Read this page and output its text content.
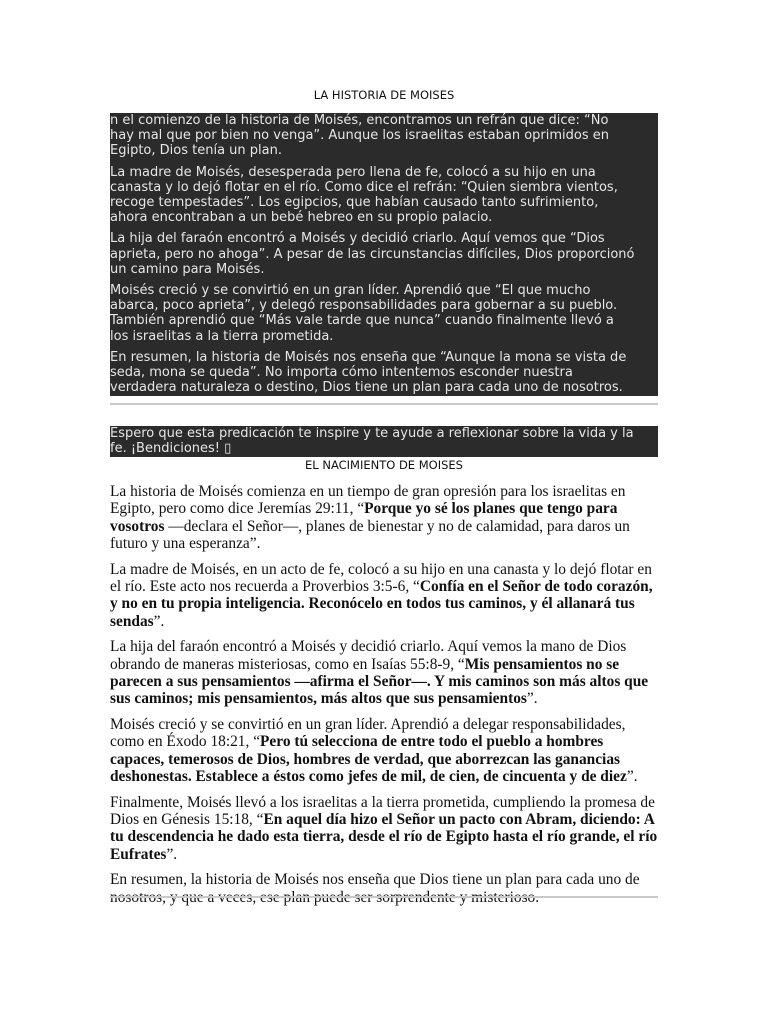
LA HISTORIA DE MOISES

n el comienzo de la historia de Moisés, encontramos un refrán que dice: “No
hay mal que por bien no venga”. Aunque los israelitas estaban oprimidos en
Egipto, Dios tenía un plan.

La madre de Moisés, desesperada pero llena de fe, colocó a su hijo en una
canasta y lo dejó flotar en el río. Como dice el refrán: “Quien siembra vientos,
recoge tempestades”. Los egipcios, que habían causado tanto sufrimiento,
ahora encontraban a un bebé hebreo en su propio palacio.

La hija del faraón encontró a Moisés y decidió criarlo. Aquí vemos que “Dios
aprieta, pero no ahoga”. A pesar de las circunstancias difíciles, Dios proporcionó
un camino para Moisés.

Moisés creció y se convirtió en un gran líder. Aprendió que “El que mucho
abarca, poco aprieta”, y delegó responsabilidades para gobernar a su pueblo.
También aprendió que “Más vale tarde que nunca” cuando finalmente llevó a
los israelitas a la tierra prometida.

En resumen, la historia de Moisés nos enseña que “Aunque la mona se vista de
seda, mona se queda”. No importa cómo intentemos esconder nuestra
verdadera naturaleza o destino, Dios tiene un plan para cada uno de nosotros.

Espero que esta predicación te inspire y te ayude a reflexionar sobre la vida y la
fe. ¡Bendiciones! ▯

EL NACIMIENTO DE MOISES

La historia de Moisés comienza en un tiempo de gran opresión para los israelitas en Egipto, pero como dice Jeremías 29:11, “Porque yo sé los planes que tengo para vosotros —declara el Señor—, planes de bienestar y no de calamidad, para daros un futuro y una esperanza”.

La madre de Moisés, en un acto de fe, colocó a su hijo en una canasta y lo dejó flotar en el río. Este acto nos recuerda a Proverbios 3:5-6, “Confía en el Señor de todo corazón, y no en tu propia inteligencia. Reconócelo en todos tus caminos, y él allanará tus sendas”.

La hija del faraón encontró a Moisés y decidió criarlo. Aquí vemos la mano de Dios obrando de maneras misteriosas, como en Isaías 55:8-9, “Mis pensamientos no se parecen a sus pensamientos —afirma el Señor—. Y mis caminos son más altos que sus caminos; mis pensamientos, más altos que sus pensamientos”.

Moisés creció y se convirtió en un gran líder. Aprendió a delegar responsabilidades, como en Éxodo 18:21, “Pero tú selecciona de entre todo el pueblo a hombres capaces, temerosos de Dios, hombres de verdad, que aborrezcan las ganancias deshonestas. Establece a éstos como jefes de mil, de cien, de cincuenta y de diez”.

Finalmente, Moisés llevó a los israelitas a la tierra prometida, cumpliendo la promesa de Dios en Génesis 15:18, “En aquel día hizo el Señor un pacto con Abram, diciendo: A tu descendencia he dado esta tierra, desde el río de Egipto hasta el río grande, el río Eufrates”.

En resumen, la historia de Moisés nos enseña que Dios tiene un plan para cada uno de nosotros, y que a veces, ese plan puede ser sorprendente y misterioso.
